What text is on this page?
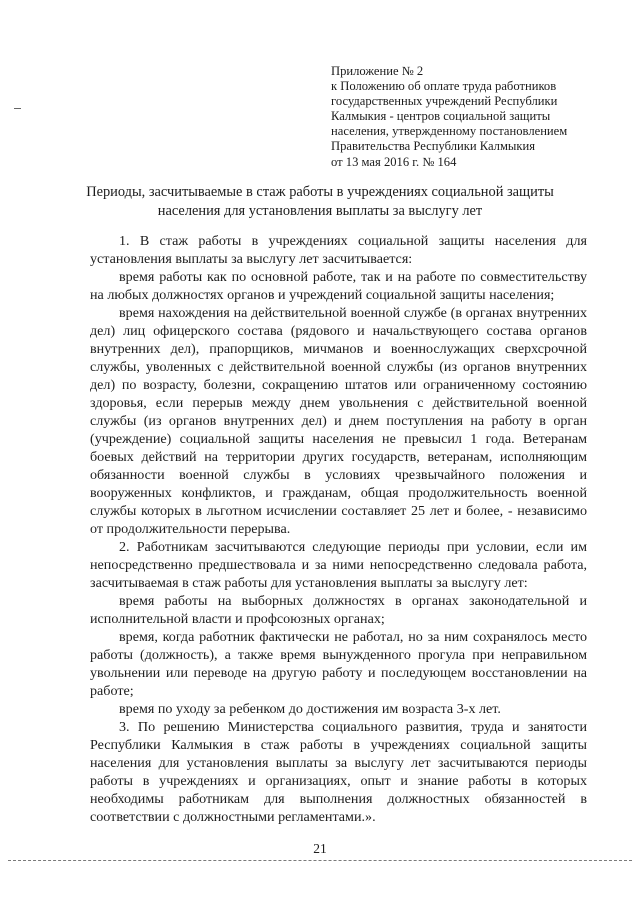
Приложение № 2
к Положению об оплате труда работников
государственных учреждений Республики
Калмыкия - центров социальной защиты
населения, утвержденному постановлением
Правительства Республики Калмыкия
от 13 мая 2016 г. № 164
Периоды, засчитываемые в стаж работы в учреждениях социальной защиты
населения для установления выплаты за выслугу лет

1. В стаж работы в учреждениях социальной защиты населения для установления выплаты за выслугу лет засчитывается:

время работы как по основной работе, так и на работе по совместительству на любых должностях органов и учреждений социальной защиты населения;

время нахождения на действительной военной службе (в органах внутренних дел) лиц офицерского состава (рядового и начальствующего состава органов внутренних дел), прапорщиков, мичманов и военнослужащих сверхсрочной службы, уволенных с действительной военной службы (из органов внутренних дел) по возрасту, болезни, сокращению штатов или ограниченному состоянию здоровья, если перерыв между днем увольнения с действительной военной службы (из органов внутренних дел) и днем поступления на работу в орган (учреждение) социальной защиты населения не превысил 1 года. Ветеранам боевых действий на территории других государств, ветеранам, исполняющим обязанности военной службы в условиях чрезвычайного положения и вооруженных конфликтов, и гражданам, общая продолжительность военной службы которых в льготном исчислении составляет 25 лет и более, - независимо от продолжительности перерыва.

2. Работникам засчитываются следующие периоды при условии, если им непосредственно предшествовала и за ними непосредственно следовала работа, засчитываемая в стаж работы для установления выплаты за выслугу лет:

время работы на выборных должностях в органах законодательной и исполнительной власти и профсоюзных органах;

время, когда работник фактически не работал, но за ним сохранялось место работы (должность), а также время вынужденного прогула при неправильном увольнении или переводе на другую работу и последующем восстановлении на работе;

время по уходу за ребенком до достижения им возраста 3-х лет.

3. По решению Министерства социального развития, труда и занятости Республики Калмыкия в стаж работы в учреждениях социальной защиты населения для установления выплаты за выслугу лет засчитываются периоды работы в учреждениях и организациях, опыт и знание работы в которых необходимы работникам для выполнения должностных обязанностей в соответствии с должностными регламентами.».

21
